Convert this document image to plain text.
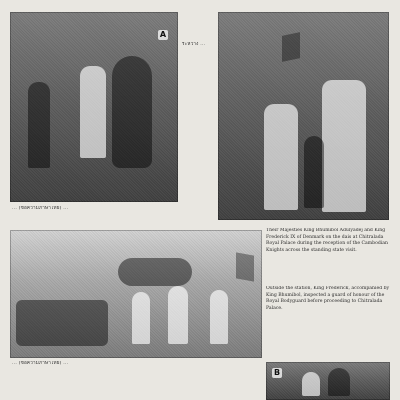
A
ระหว่าง ...
... (ข้อความภาษาไทย) ...
Their Majesties King Bhumibol Adulyadej and King Frederick IX of Denmark on the dais at Chitralada Royal Palace during the reception of the Cambodian Knights across the standing state visit.
Outside the station, King Frederick, accompanied by King Bhumibol, inspected a guard of honour of the Royal Bodyguard before proceeding to Chitralada Palace.
... (ข้อความภาษาไทย) ...
B
